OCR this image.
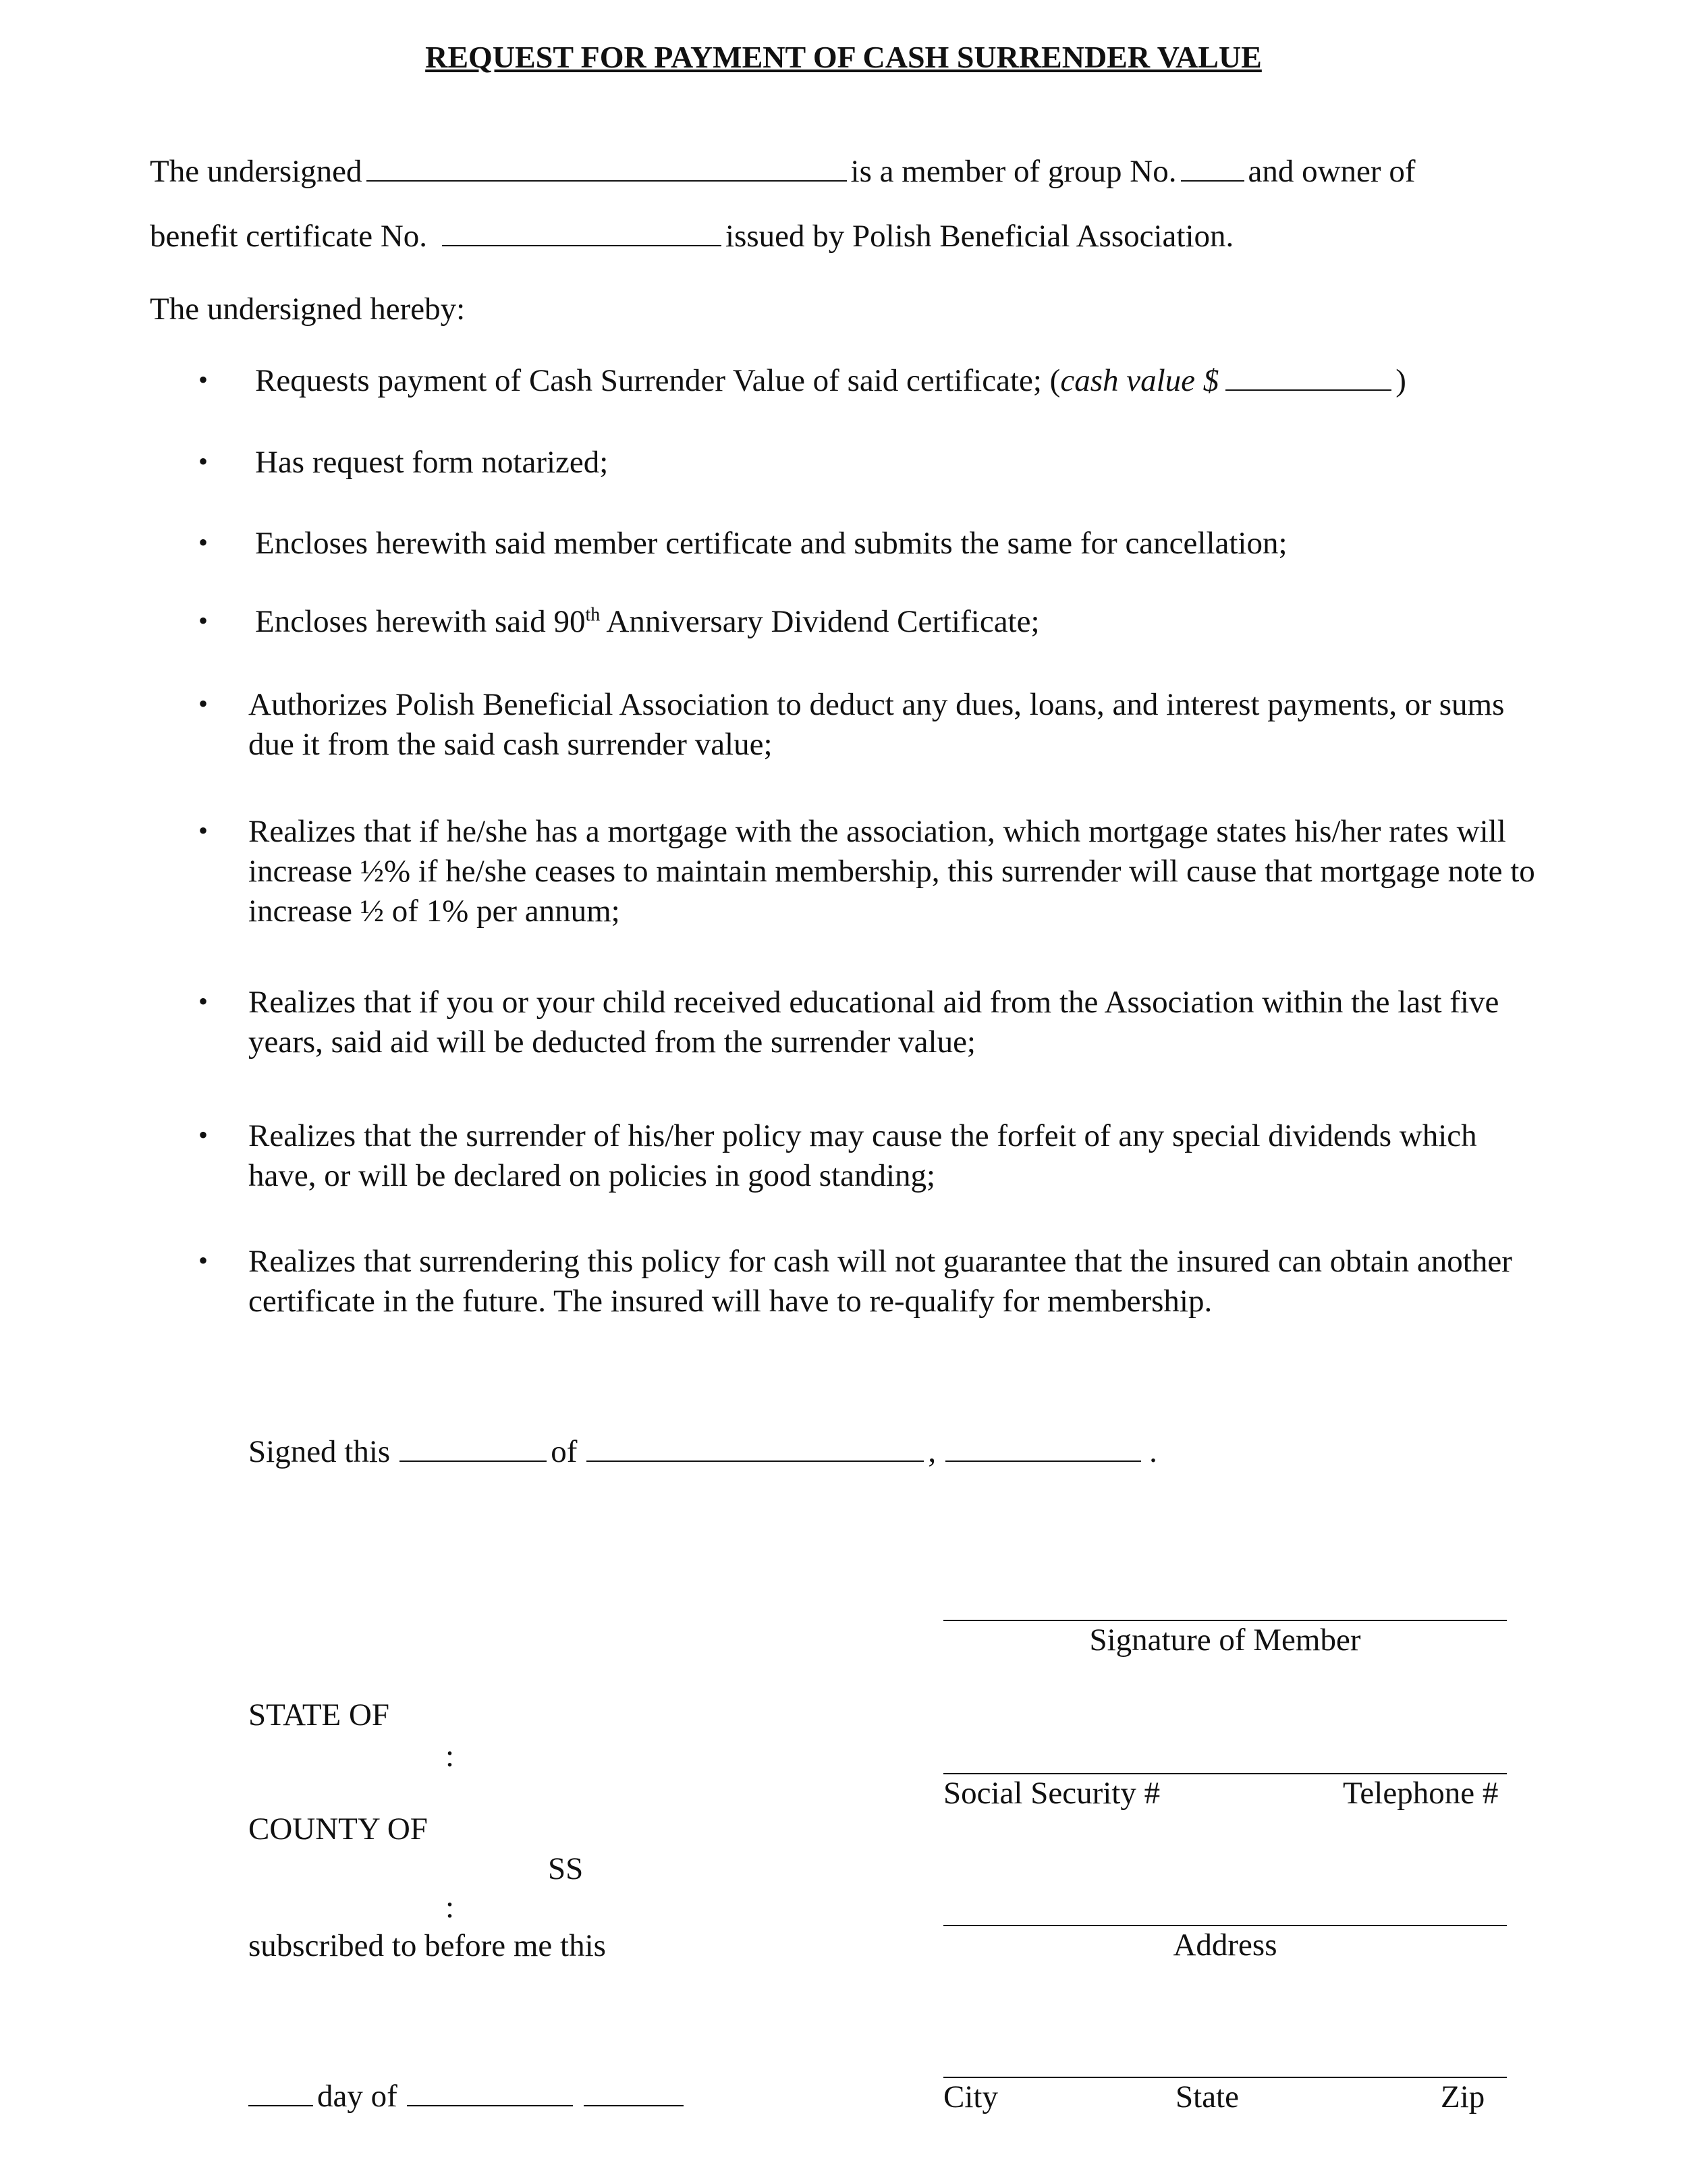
REQUEST FOR PAYMENT OF CASH SURRENDER VALUE
The undersigned	is a member of group No. and owner of
benefit certificate No.	issued by Polish Beneficial Association.
The undersigned hereby:
• Requests payment of Cash Surrender Value of said certificate; (cash value $	)
• Has request form notarized;
• Encloses herewith said member certificate and submits the same for cancellation;
• Encloses herewith said 90th Anniversary Dividend Certificate;
• Authorizes Polish Beneficial Association to deduct any dues, loans, and interest payments, or sums due it from the said cash surrender value;
• Realizes that if he/she has a mortgage with the association, which mortgage states his/her rates will increase ½% if he/she ceases to maintain membership, this surrender will cause that mortgage note to increase ½ of 1% per annum;
• Realizes that if you or your child received educational aid from the Association within the last five years, said aid will be deducted from the surrender value;
• Realizes that the surrender of his/her policy may cause the forfeit of any special dividends which have, or will be declared on policies in good standing;
• Realizes that surrendering this policy for cash will not guarantee that the insured can obtain another certificate in the future. The insured will have to re-qualify for membership.
Signed this	of	,	.
Signature of Member
Social Security #	Telephone #
Address
City	State	Zip
STATE OF
:
COUNTY OF
SS
:
subscribed to before me this
day of
